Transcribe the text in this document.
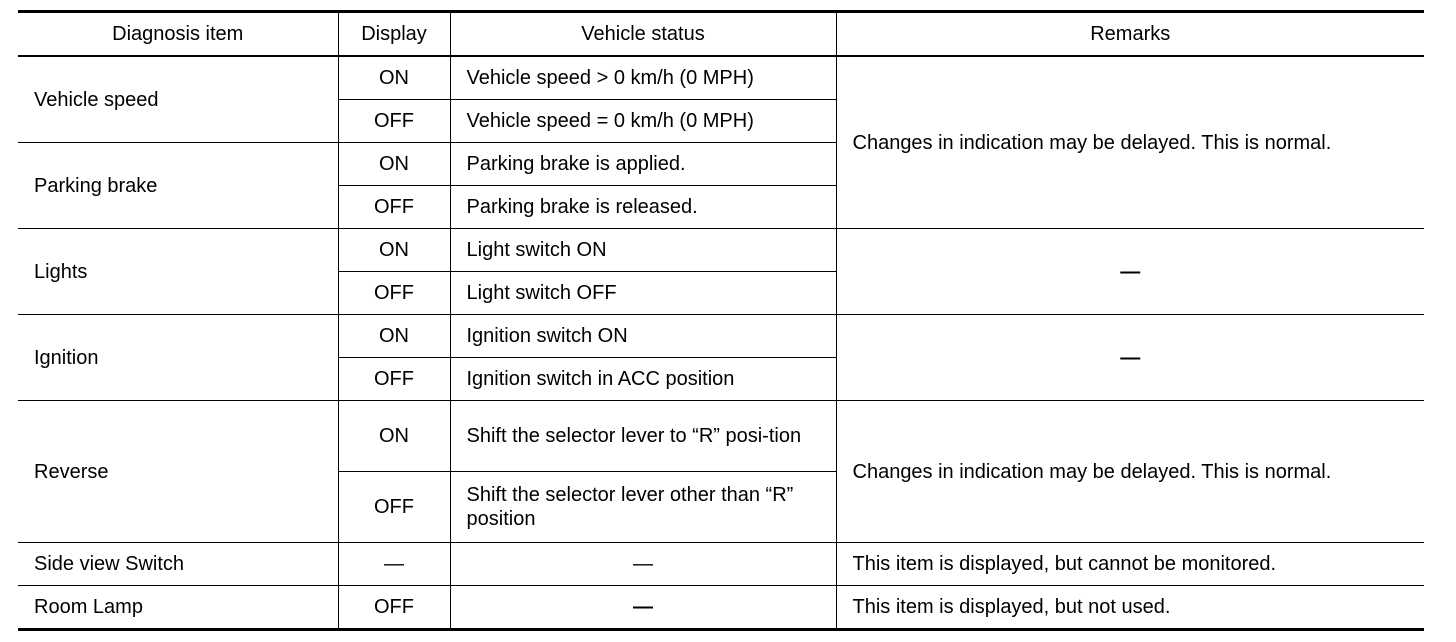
Diagnosis item	Display	Vehicle status	Remarks
Vehicle speed	ON	Vehicle speed > 0 km/h (0 MPH)	Changes in indication may be delayed. This is normal.
	OFF	Vehicle speed = 0 km/h (0 MPH)	
Parking brake	ON	Parking brake is applied.	
	OFF	Parking brake is released.	
Lights	ON	Light switch ON	—
	OFF	Light switch OFF	
Ignition	ON	Ignition switch ON	—
	OFF	Ignition switch in ACC position	
Reverse	ON	Shift the selector lever to “R” posi-tion	Changes in indication may be delayed. This is normal.
	OFF	Shift the selector lever other than “R” position	
Side view Switch	—	—	This item is displayed, but cannot be monitored.
Room Lamp	OFF	—	This item is displayed, but not used.
